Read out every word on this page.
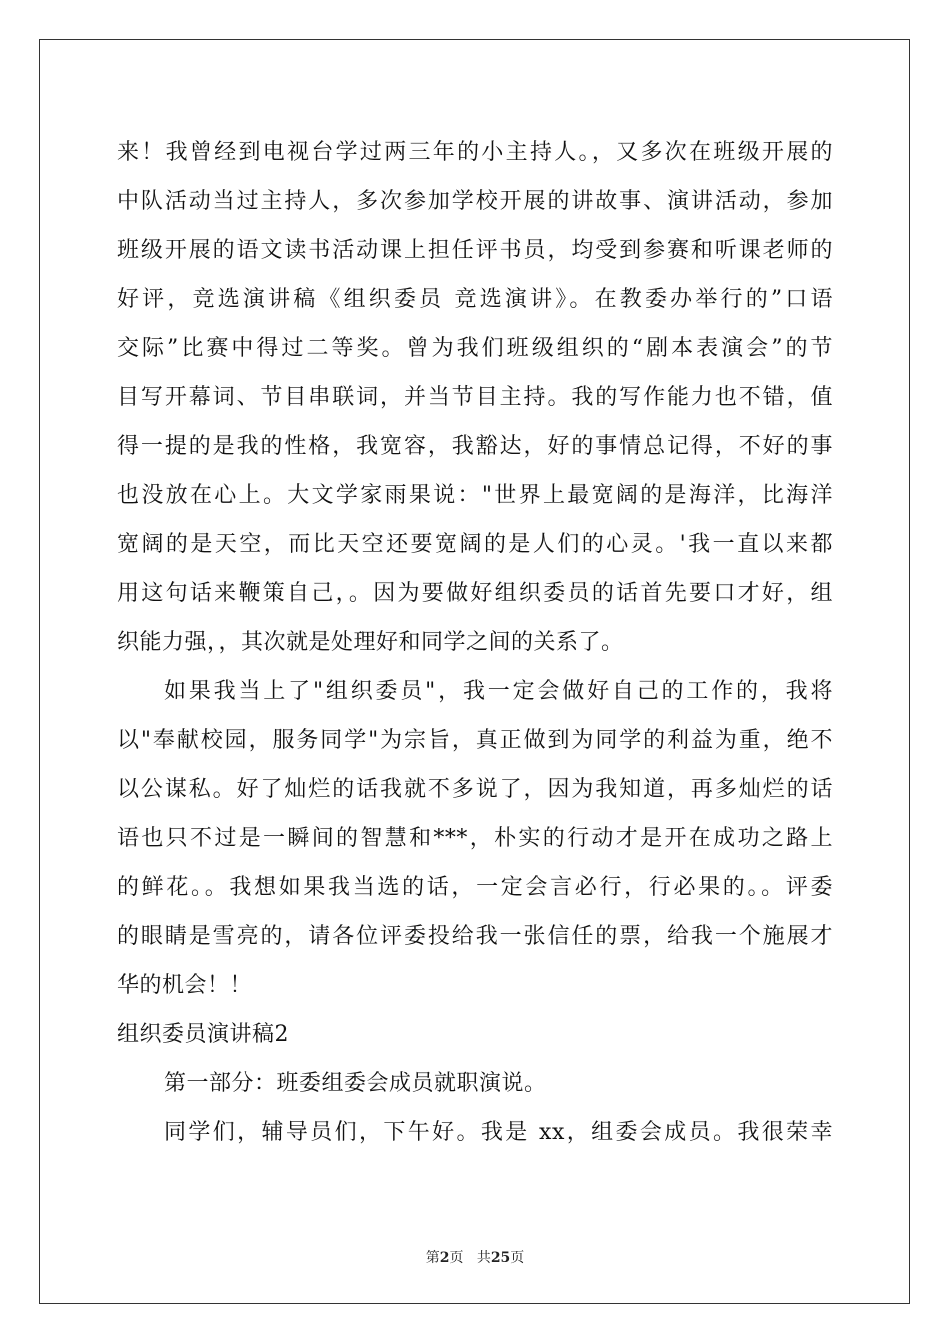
来！我曾经到电视台学过两三年的小主持人。，又多次在班级开展的
中队活动当过主持人，多次参加学校开展的讲故事、演讲活动，参加
班级开展的语文读书活动课上担任评书员，均受到参赛和听课老师的
好评，竞选演讲稿《组织委员 竞选演讲》。在教委办举行的”口语
交际”比赛中得过二等奖。曾为我们班级组织的“剧本表演会”的节
目写开幕词、节目串联词，并当节目主持。我的写作能力也不错，值
得一提的是我的性格，我宽容，我豁达，好的事情总记得，不好的事
也没放在心上。大文学家雨果说："世界上最宽阔的是海洋，比海洋
宽阔的是天空，而比天空还要宽阔的是人们的心灵。'我一直以来都
用这句话来鞭策自己，。因为要做好组织委员的话首先要口才好，组
织能力强，，其次就是处理好和同学之间的关系了。
如果我当上了"组织委员"，我一定会做好自己的工作的，我将
以"奉献校园，服务同学"为宗旨，真正做到为同学的利益为重，绝不
以公谋私。好了灿烂的话我就不多说了，因为我知道，再多灿烂的话
语也只不过是一瞬间的智慧和***，朴实的行动才是开在成功之路上
的鲜花。。我想如果我当选的话，一定会言必行，行必果的。。评委
的眼睛是雪亮的，请各位评委投给我一张信任的票，给我一个施展才
华的机会！！
组织委员演讲稿2
第一部分：班委组委会成员就职演说。
同学们，辅导员们，下午好。我是 xx，组委会成员。我很荣幸
第2页 共25页
